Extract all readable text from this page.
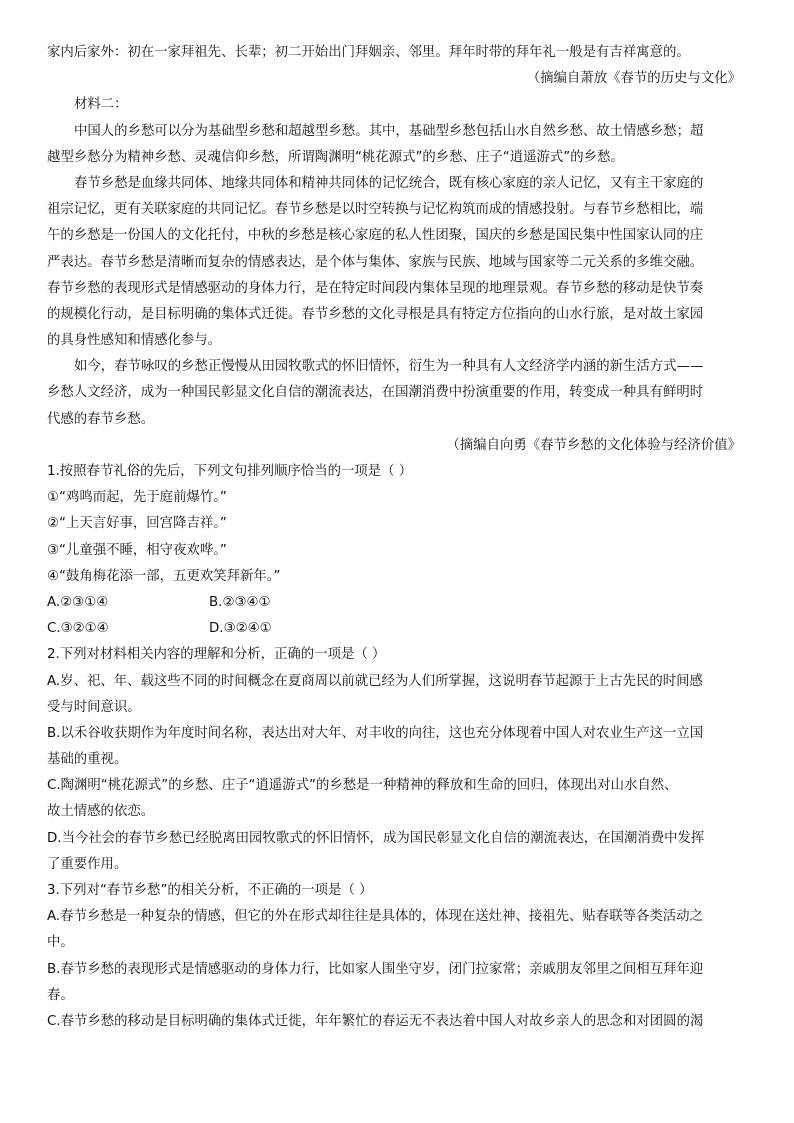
家内后家外：初在一家拜祖先、长辈；初二开始出门拜姻亲、邻里。拜年时带的拜年礼一般是有吉祥寓意的。
（摘编自萧放《春节的历史与文化》
材料二：
中国人的乡愁可以分为基础型乡愁和超越型乡愁。其中，基础型乡愁包括山水自然乡愁、故土情感乡愁；超
越型乡愁分为精神乡愁、灵魂信仰乡愁，所谓陶渊明“桃花源式”的乡愁、庄子“逍遥游式”的乡愁。
春节乡愁是血缘共同体、地缘共同体和精神共同体的记忆统合，既有核心家庭的亲人记忆，又有主干家庭的
祖宗记忆，更有关联家庭的共同记忆。春节乡愁是以时空转换与记忆构筑而成的情感投射。与春节乡愁相比，端
午的乡愁是一份国人的文化托付，中秋的乡愁是核心家庭的私人性团聚，国庆的乡愁是国民集中性国家认同的庄
严表达。春节乡愁是清晰而复杂的情感表达，是个体与集体、家族与民族、地域与国家等二元关系的多维交融。
春节乡愁的表现形式是情感驱动的身体力行，是在特定时间段内集体呈现的地理景观。春节乡愁的移动是快节奏
的规模化行动，是目标明确的集体式迁徙。春节乡愁的文化寻根是具有特定方位指向的山水行旅，是对故土家园
的具身性感知和情感化参与。
如今，春节咏叹的乡愁正慢慢从田园牧歌式的怀旧情怀，衍生为一种具有人文经济学内涵的新生活方式——
乡愁人文经济，成为一种国民彰显文化自信的潮流表达，在国潮消费中扮演重要的作用，转变成一种具有鲜明时
代感的春节乡愁。
（摘编自向勇《春节乡愁的文化体验与经济价值》
1.按照春节礼俗的先后，下列文句排列顺序恰当的一项是（ ）
①“鸡鸣而起，先于庭前爆竹。”
②“上天言好事，回宫降吉祥。”
③“儿童强不睡，相守夜欢哗。”
④“鼓角梅花添一部，五更欢笑拜新年。”
A.②③①④	B.②③④①
C.③②①④	D.③②④①
2.下列对材料相关内容的理解和分析，正确的一项是（ ）
A.岁、祀、年、载这些不同的时间概念在夏商周以前就已经为人们所掌握，这说明春节起源于上古先民的时间感
受与时间意识。
B.以禾谷收获期作为年度时间名称，表达出对大年、对丰收的向往，这也充分体现着中国人对农业生产这一立国
基础的重视。
C.陶渊明“桃花源式”的乡愁、庄子“逍遥游式”的乡愁是一种精神的释放和生命的回归，体现出对山水自然、
故土情感的依恋。
D.当今社会的春节乡愁已经脱离田园牧歌式的怀旧情怀，成为国民彰显文化自信的潮流表达，在国潮消费中发挥
了重要作用。
3.下列对“春节乡愁”的相关分析，不正确的一项是（ ）
A.春节乡愁是一种复杂的情感，但它的外在形式却往往是具体的，体现在送灶神、接祖先、贴春联等各类活动之
中。
B.春节乡愁的表现形式是情感驱动的身体力行，比如家人围坐守岁，闭门拉家常；亲戚朋友邻里之间相互拜年迎
春。
C.春节乡愁的移动是目标明确的集体式迁徙，年年繁忙的春运无不表达着中国人对故乡亲人的思念和对团圆的渴
